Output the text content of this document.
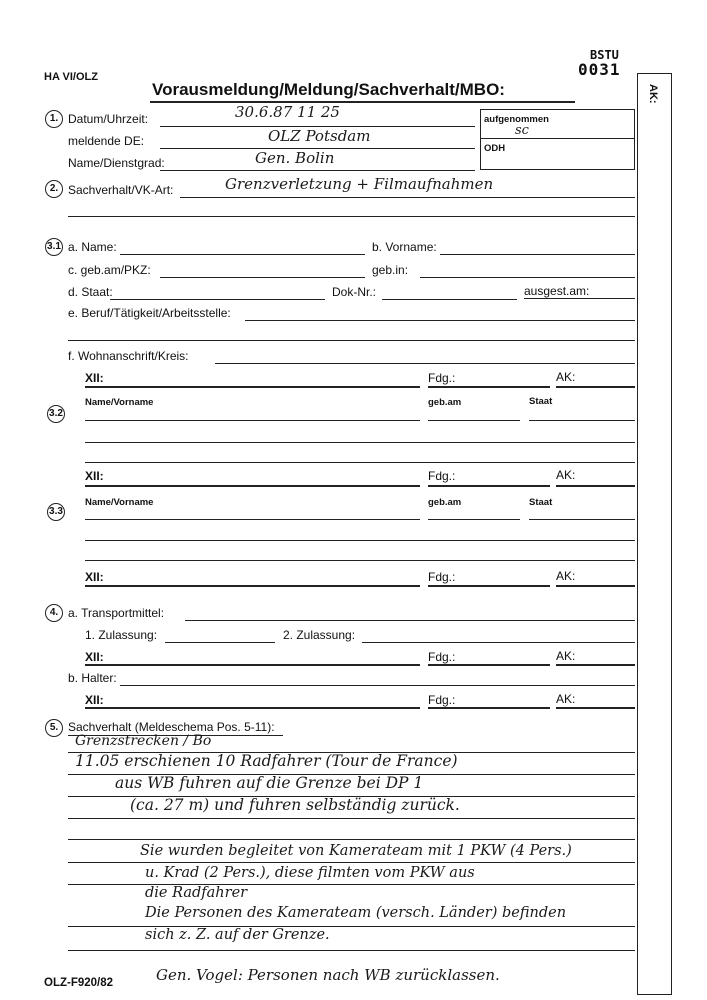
BSTU
0031
HA VI/OLZ
Vorausmeldung/Meldung/Sachverhalt/MBO:	AK:
1. Datum/Uhrzeit:	30.6.87 11 25
meldende DE:	OLZ Potsdam
Name/Dienstgrad:	Gen. Bolin
aufgenommen
sc
ODH
2. Sachverhalt/VK-Art:	Grenzverletzung + Filmaufnahmen
3.1 a. Name:	b. Vorname:
c. geb.am/PKZ:	geb.in:
d. Staat:	Dok-Nr.:	ausgest.am:
e. Beruf/Tätigkeit/Arbeitsstelle:
f. Wohnanschrift/Kreis:
XII:	Fdg.:	AK:
3.2
Name/Vorname	geb.am	Staat
XII:	Fdg.:	AK:
3.3
Name/Vorname	geb.am	Staat
XII:	Fdg.:	AK:
4. a. Transportmittel:
1. Zulassung:	2. Zulassung:
XII:	Fdg.:	AK:
b. Halter:
XII:	Fdg.:	AK:
5. Sachverhalt (Meldeschema Pos. 5-11):
Grenzstrecken / Bo
11.05 erschienen 10 Radfahrer (Tour de France)
aus WB fuhren auf die Grenze bei DP 1
(ca. 27 m) und fuhren selbständig zurück.
Sie wurden begleitet von Kamerateam mit 1 PKW (4 Pers.)
u. Krad (2 Pers.), diese filmten vom PKW aus
die Radfahrer
Die Personen des Kamerateam (versch. Länder) befinden
sich z. Z. auf der Grenze.
OLZ-F920/82	Gen. Vogel: Personen nach WB zurücklassen.
